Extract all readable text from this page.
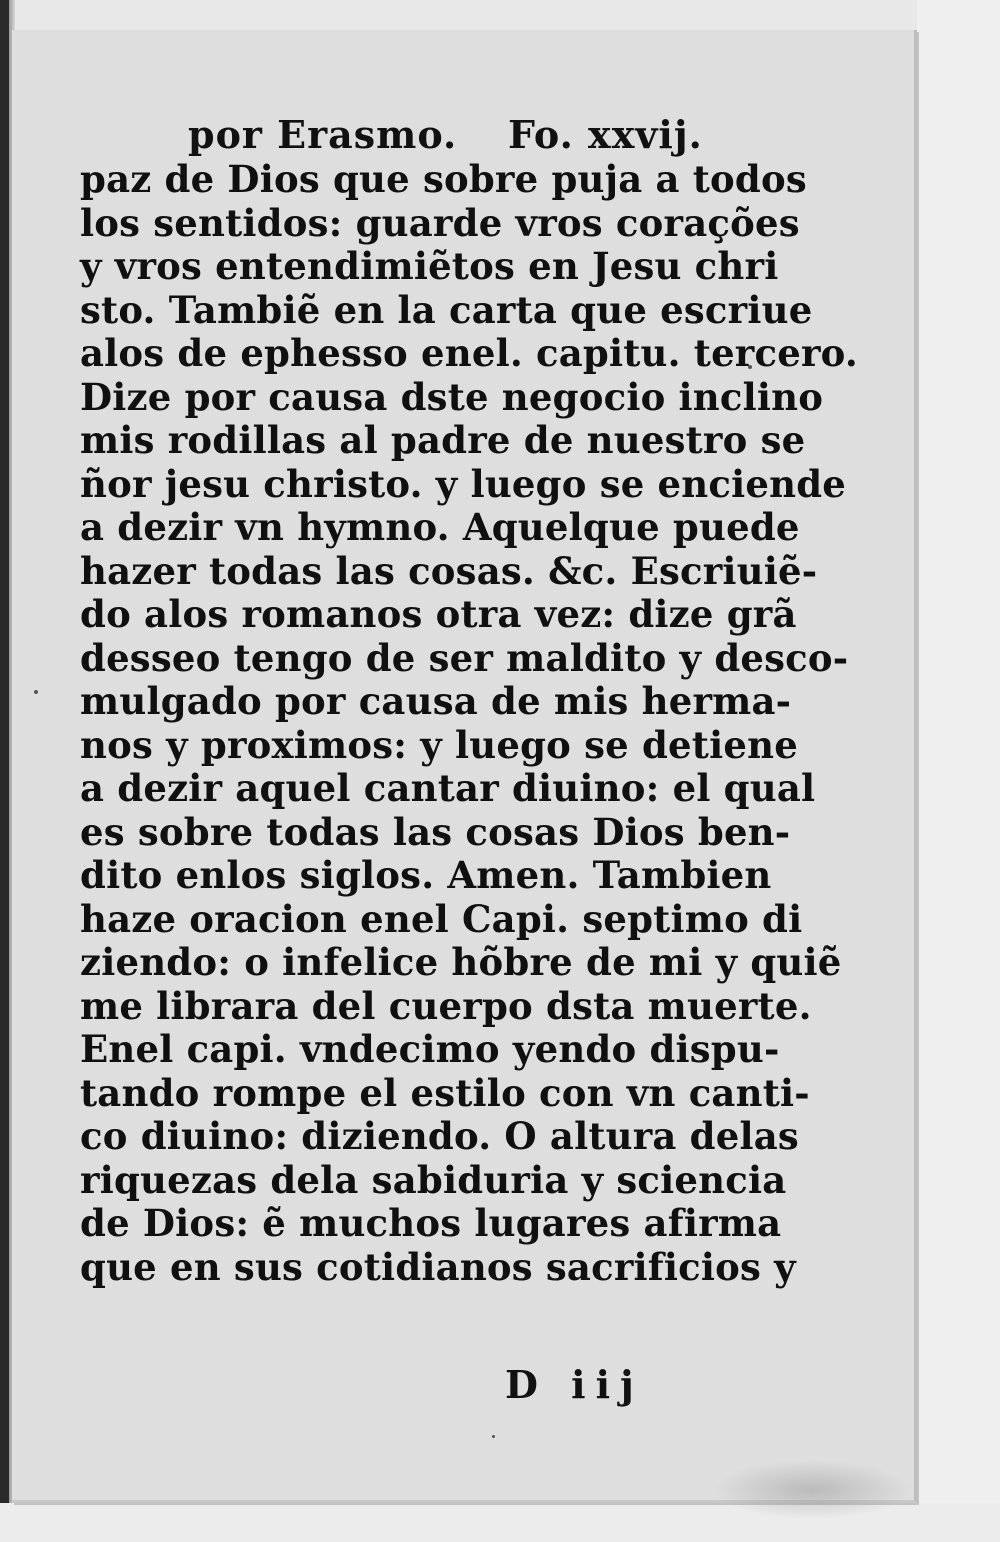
por Erasmo. Fo. xxvij.
paz de Dios que sobre puja a todos
los sentidos: guarde vros corações
y vros entendimiẽtos en Jesu chri
sto. Tambiẽ en la carta que escriue
alos de ephesso enel. capitu. tercero.
Dize por causa dste negocio inclino
mis rodillas al padre de nuestro se
ñor jesu christo. y luego se enciende
a dezir vn hymno. Aquelque puede
hazer todas las cosas. &c. Escriuiẽ-
do alos romanos otra vez: dize grã
desseo tengo de ser maldito y desco-
mulgado por causa de mis herma-
nos y proximos: y luego se detiene
a dezir aquel cantar diuino: el qual
es sobre todas las cosas Dios ben-
dito enlos siglos. Amen. Tambien
haze oracion enel Capi. septimo di
ziendo: o infelice hõbre de mi y quiẽ
me librara del cuerpo dsta muerte.
Enel capi. vndecimo yendo dispu-
tando rompe el estilo con vn canti-
co diuino: diziendo. O altura delas
riquezas dela sabiduria y sciencia
de Dios: ẽ muchos lugares afirma
que en sus cotidianos sacrificios y
D iij
